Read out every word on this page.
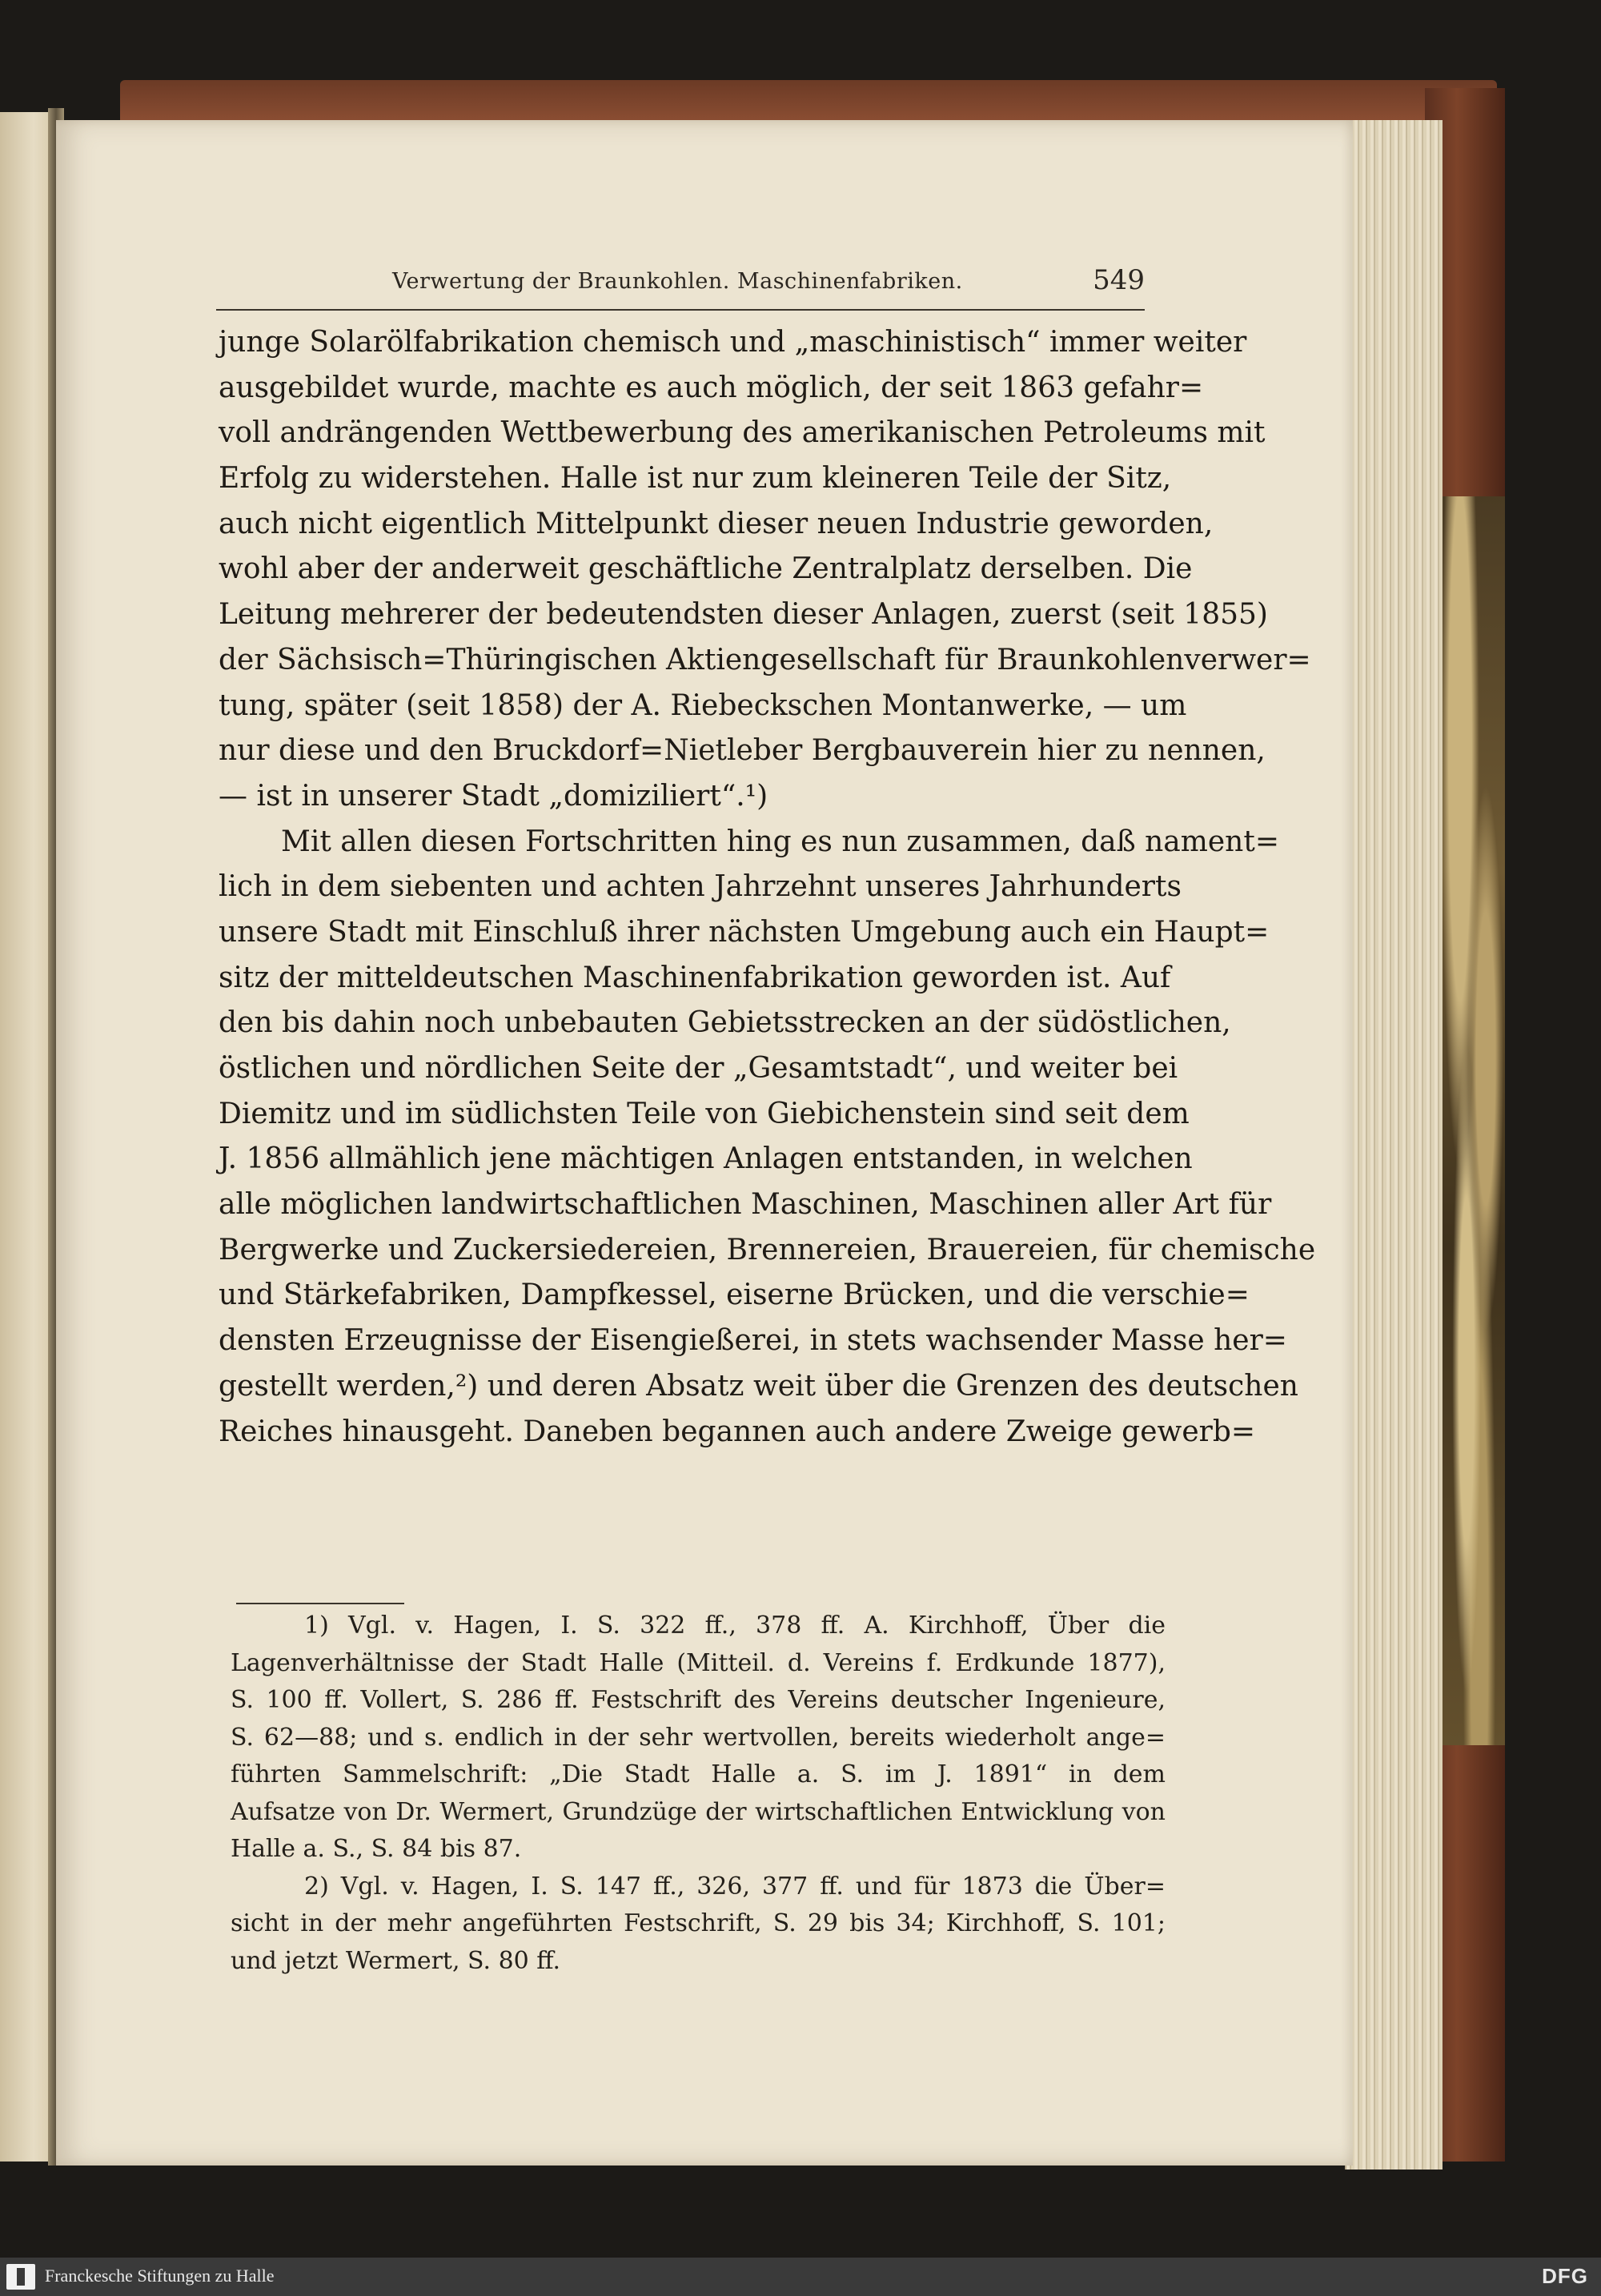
Verwertung der Braunkohlen. Maschinenfabriken.	549
junge Solarölfabrikation chemisch und „maschinistisch“ immer weiter
ausgebildet wurde, machte es auch möglich, der seit 1863 gefahr=
voll andrängenden Wettbewerbung des amerikanischen Petroleums mit
Erfolg zu widerstehen. Halle ist nur zum kleineren Teile der Sitz,
auch nicht eigentlich Mittelpunkt dieser neuen Industrie geworden,
wohl aber der anderweit geschäftliche Zentralplatz derselben. Die
Leitung mehrerer der bedeutendsten dieser Anlagen, zuerst (seit 1855)
der Sächsisch=Thüringischen Aktiengesellschaft für Braunkohlenverwer=
tung, später (seit 1858) der A. Riebeckschen Montanwerke, — um
nur diese und den Bruckdorf=Nietleber Bergbauverein hier zu nennen,
— ist in unserer Stadt „domiziliert“.¹)
Mit allen diesen Fortschritten hing es nun zusammen, daß nament=
lich in dem siebenten und achten Jahrzehnt unseres Jahrhunderts
unsere Stadt mit Einschluß ihrer nächsten Umgebung auch ein Haupt=
sitz der mitteldeutschen Maschinenfabrikation geworden ist. Auf
den bis dahin noch unbebauten Gebietsstrecken an der südöstlichen,
östlichen und nördlichen Seite der „Gesamtstadt“, und weiter bei
Diemitz und im südlichsten Teile von Giebichenstein sind seit dem
J. 1856 allmählich jene mächtigen Anlagen entstanden, in welchen
alle möglichen landwirtschaftlichen Maschinen, Maschinen aller Art für
Bergwerke und Zuckersiedereien, Brennereien, Brauereien, für chemische
und Stärkefabriken, Dampfkessel, eiserne Brücken, und die verschie=
densten Erzeugnisse der Eisengießerei, in stets wachsender Masse her=
gestellt werden,²) und deren Absatz weit über die Grenzen des deutschen
Reiches hinausgeht. Daneben begannen auch andere Zweige gewerb=
1) Vgl. v. Hagen, I. S. 322 ff., 378 ff. A. Kirchhoff, Über die
Lagenverhältnisse der Stadt Halle (Mitteil. d. Vereins f. Erdkunde 1877),
S. 100 ff. Vollert, S. 286 ff. Festschrift des Vereins deutscher Ingenieure,
S. 62—88; und s. endlich in der sehr wertvollen, bereits wiederholt ange=
führten Sammelschrift: „Die Stadt Halle a. S. im J. 1891“ in dem
Aufsatze von Dr. Wermert, Grundzüge der wirtschaftlichen Entwicklung von
Halle a. S., S. 84 bis 87.
2) Vgl. v. Hagen, I. S. 147 ff., 326, 377 ff. und für 1873 die Über=
sicht in der mehr angeführten Festschrift, S. 29 bis 34; Kirchhoff, S. 101;
und jetzt Wermert, S. 80 ff.
Franckesche Stiftungen zu Halle	DFG
